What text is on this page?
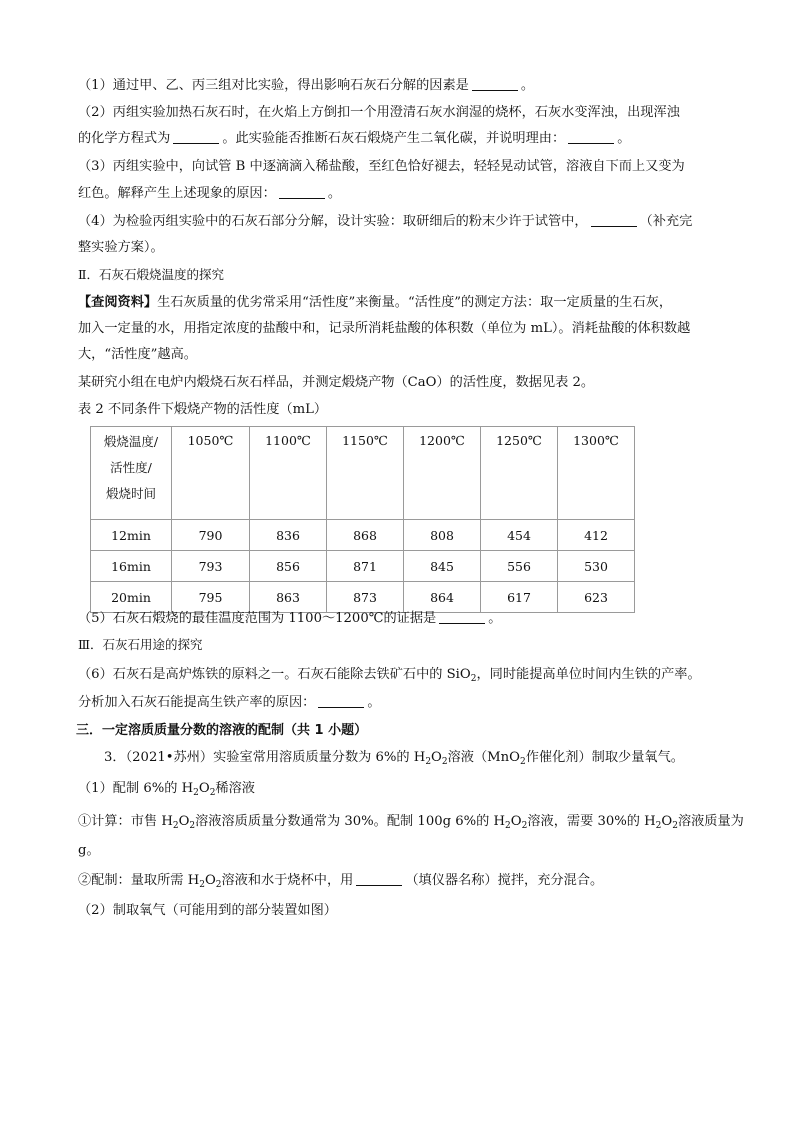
（1）通过甲、乙、丙三组对比实验，得出影响石灰石分解的因素是	。
（2）丙组实验加热石灰石时，在火焰上方倒扣一个用澄清石灰水润湿的烧杯，石灰水变浑浊，出现浑浊
的化学方程式为	。此实验能否推断石灰石煅烧产生二氧化碳，并说明理由：	。
（3）丙组实验中，向试管 B 中逐滴滴入稀盐酸，至红色恰好褪去，轻轻晃动试管，溶液自下而上又变为
红色。解释产生上述现象的原因：	。
（4）为检验丙组实验中的石灰石部分分解，设计实验：取研细后的粉末少许于试管中，	（补充完
整实验方案）。
Ⅱ．石灰石煅烧温度的探究
【查阅资料】生石灰质量的优劣常采用“活性度”来衡量。“活性度”的测定方法：取一定质量的生石灰，
加入一定量的水，用指定浓度的盐酸中和，记录所消耗盐酸的体积数（单位为 mL）。消耗盐酸的体积数越
大，“活性度”越高。
某研究小组在电炉内煅烧石灰石样品，并测定煅烧产物（CaO）的活性度，数据见表 2。
表 2 不同条件下煅烧产物的活性度（mL）
煅烧温度/
活性度/
煅烧时间	1050℃	1100℃	1150℃	1200℃	1250℃	1300℃
12min	790	836	868	808	454	412
16min	793	856	871	845	556	530
20min	795	863	873	864	617	623
（5）石灰石煅烧的最佳温度范围为 1100～1200℃的证据是	。
Ⅲ．石灰石用途的探究
（6）石灰石是高炉炼铁的原料之一。石灰石能除去铁矿石中的 SiO$_2$，同时能提高单位时间内生铁的产率。
分析加入石灰石能提高生铁产率的原因：	。
三．一定溶质质量分数的溶液的配制（共 1 小题）
3．（2021•苏州）实验室常用溶质质量分数为 6%的 $H_2O_2$溶液（MnO$_2$作催化剂）制取少量氧气。
（1）配制 6%的 $H_2O_2$稀溶液
①计算：市售 $H_2O_2$溶液溶质质量分数通常为 30%。配制 100g 6%的 $H_2O_2$溶液，需要 30%的 $H_2O_2$溶液质量为
g。
②配制：量取所需 $H_2O_2$溶液和水于烧杯中，用	（填仪器名称）搅拌，充分混合。
（2）制取氧气（可能用到的部分装置如图）
